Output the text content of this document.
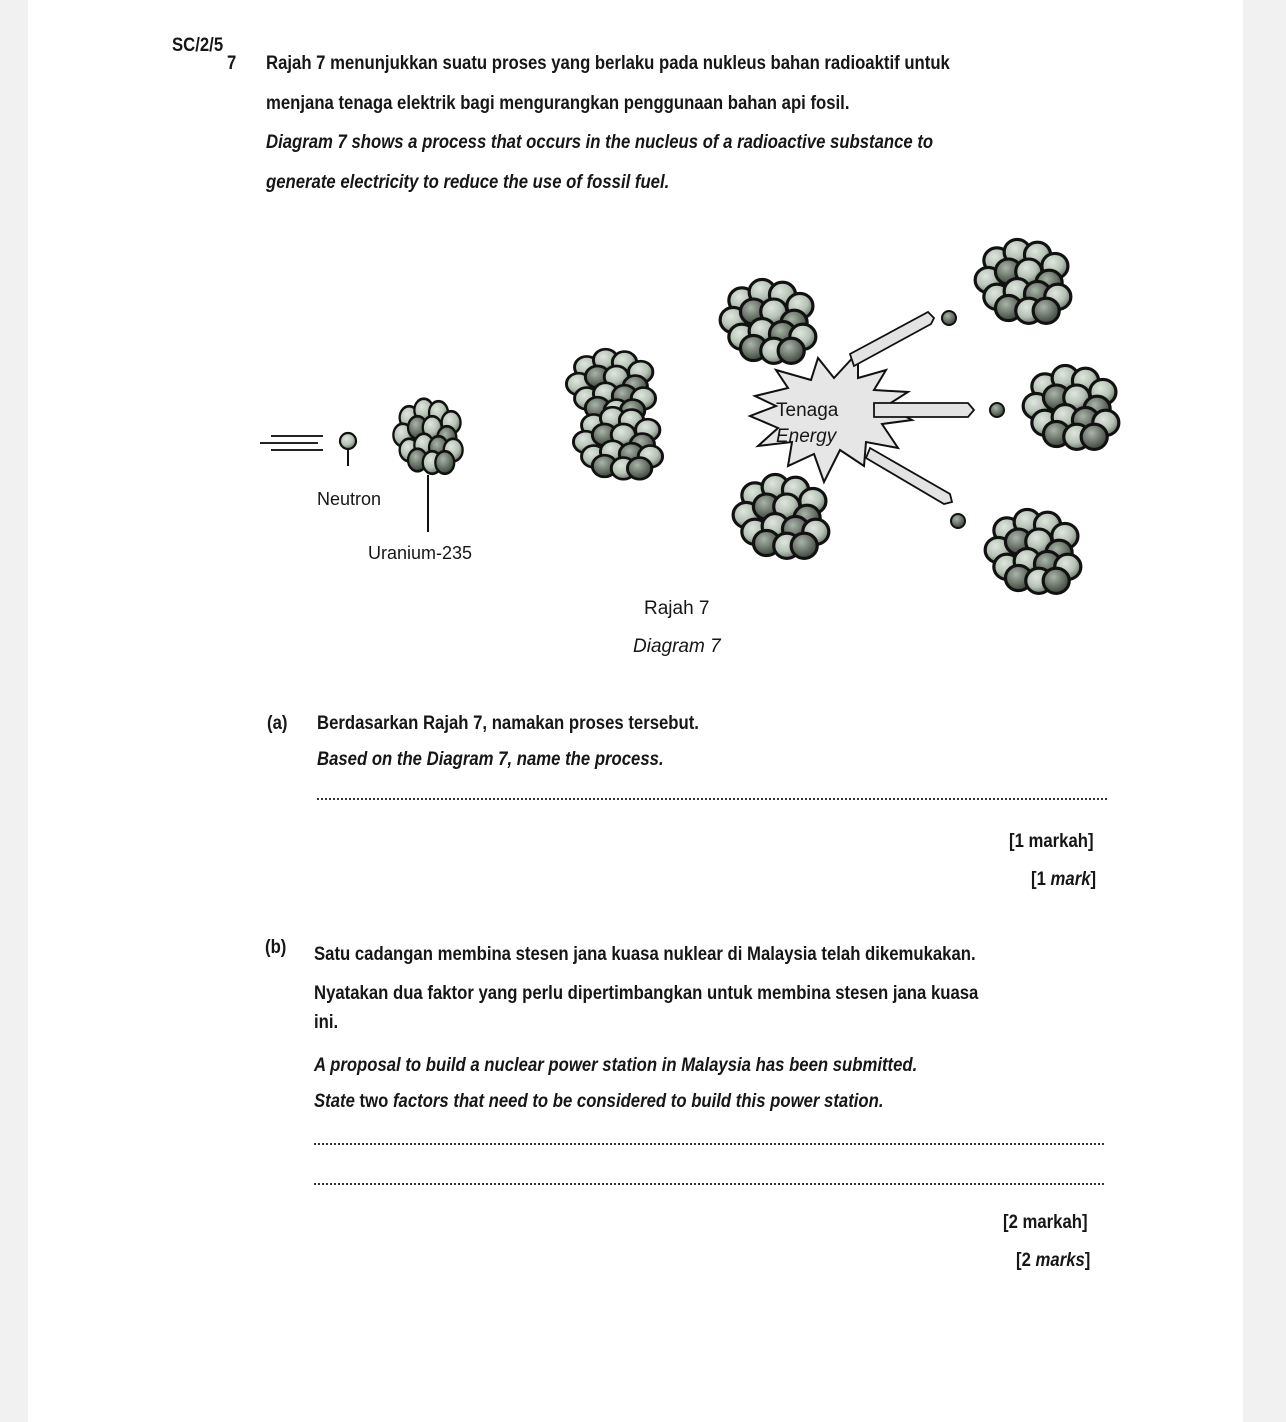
SC/2/5
7 Rajah 7 menunjukkan suatu proses yang berlaku pada nukleus bahan radioaktif untuk
menjana tenaga elektrik bagi mengurangkan penggunaan bahan api fosil.
Diagram 7 shows a process that occurs in the nucleus of a radioactive substance to
generate electricity to reduce the use of fossil fuel.
Neutron
Uranium-235
Tenaga
Energy
Rajah 7
Diagram 7
(a) Berdasarkan Rajah 7, namakan proses tersebut.
Based on the Diagram 7, name the process.
[1 markah]
[1 mark]
(b) Satu cadangan membina stesen jana kuasa nuklear di Malaysia telah dikemukakan.
Nyatakan dua faktor yang perlu dipertimbangkan untuk membina stesen jana kuasa
ini.
A proposal to build a nuclear power station in Malaysia has been submitted.
State two factors that need to be considered to build this power station.
[2 markah]
[2 marks]
